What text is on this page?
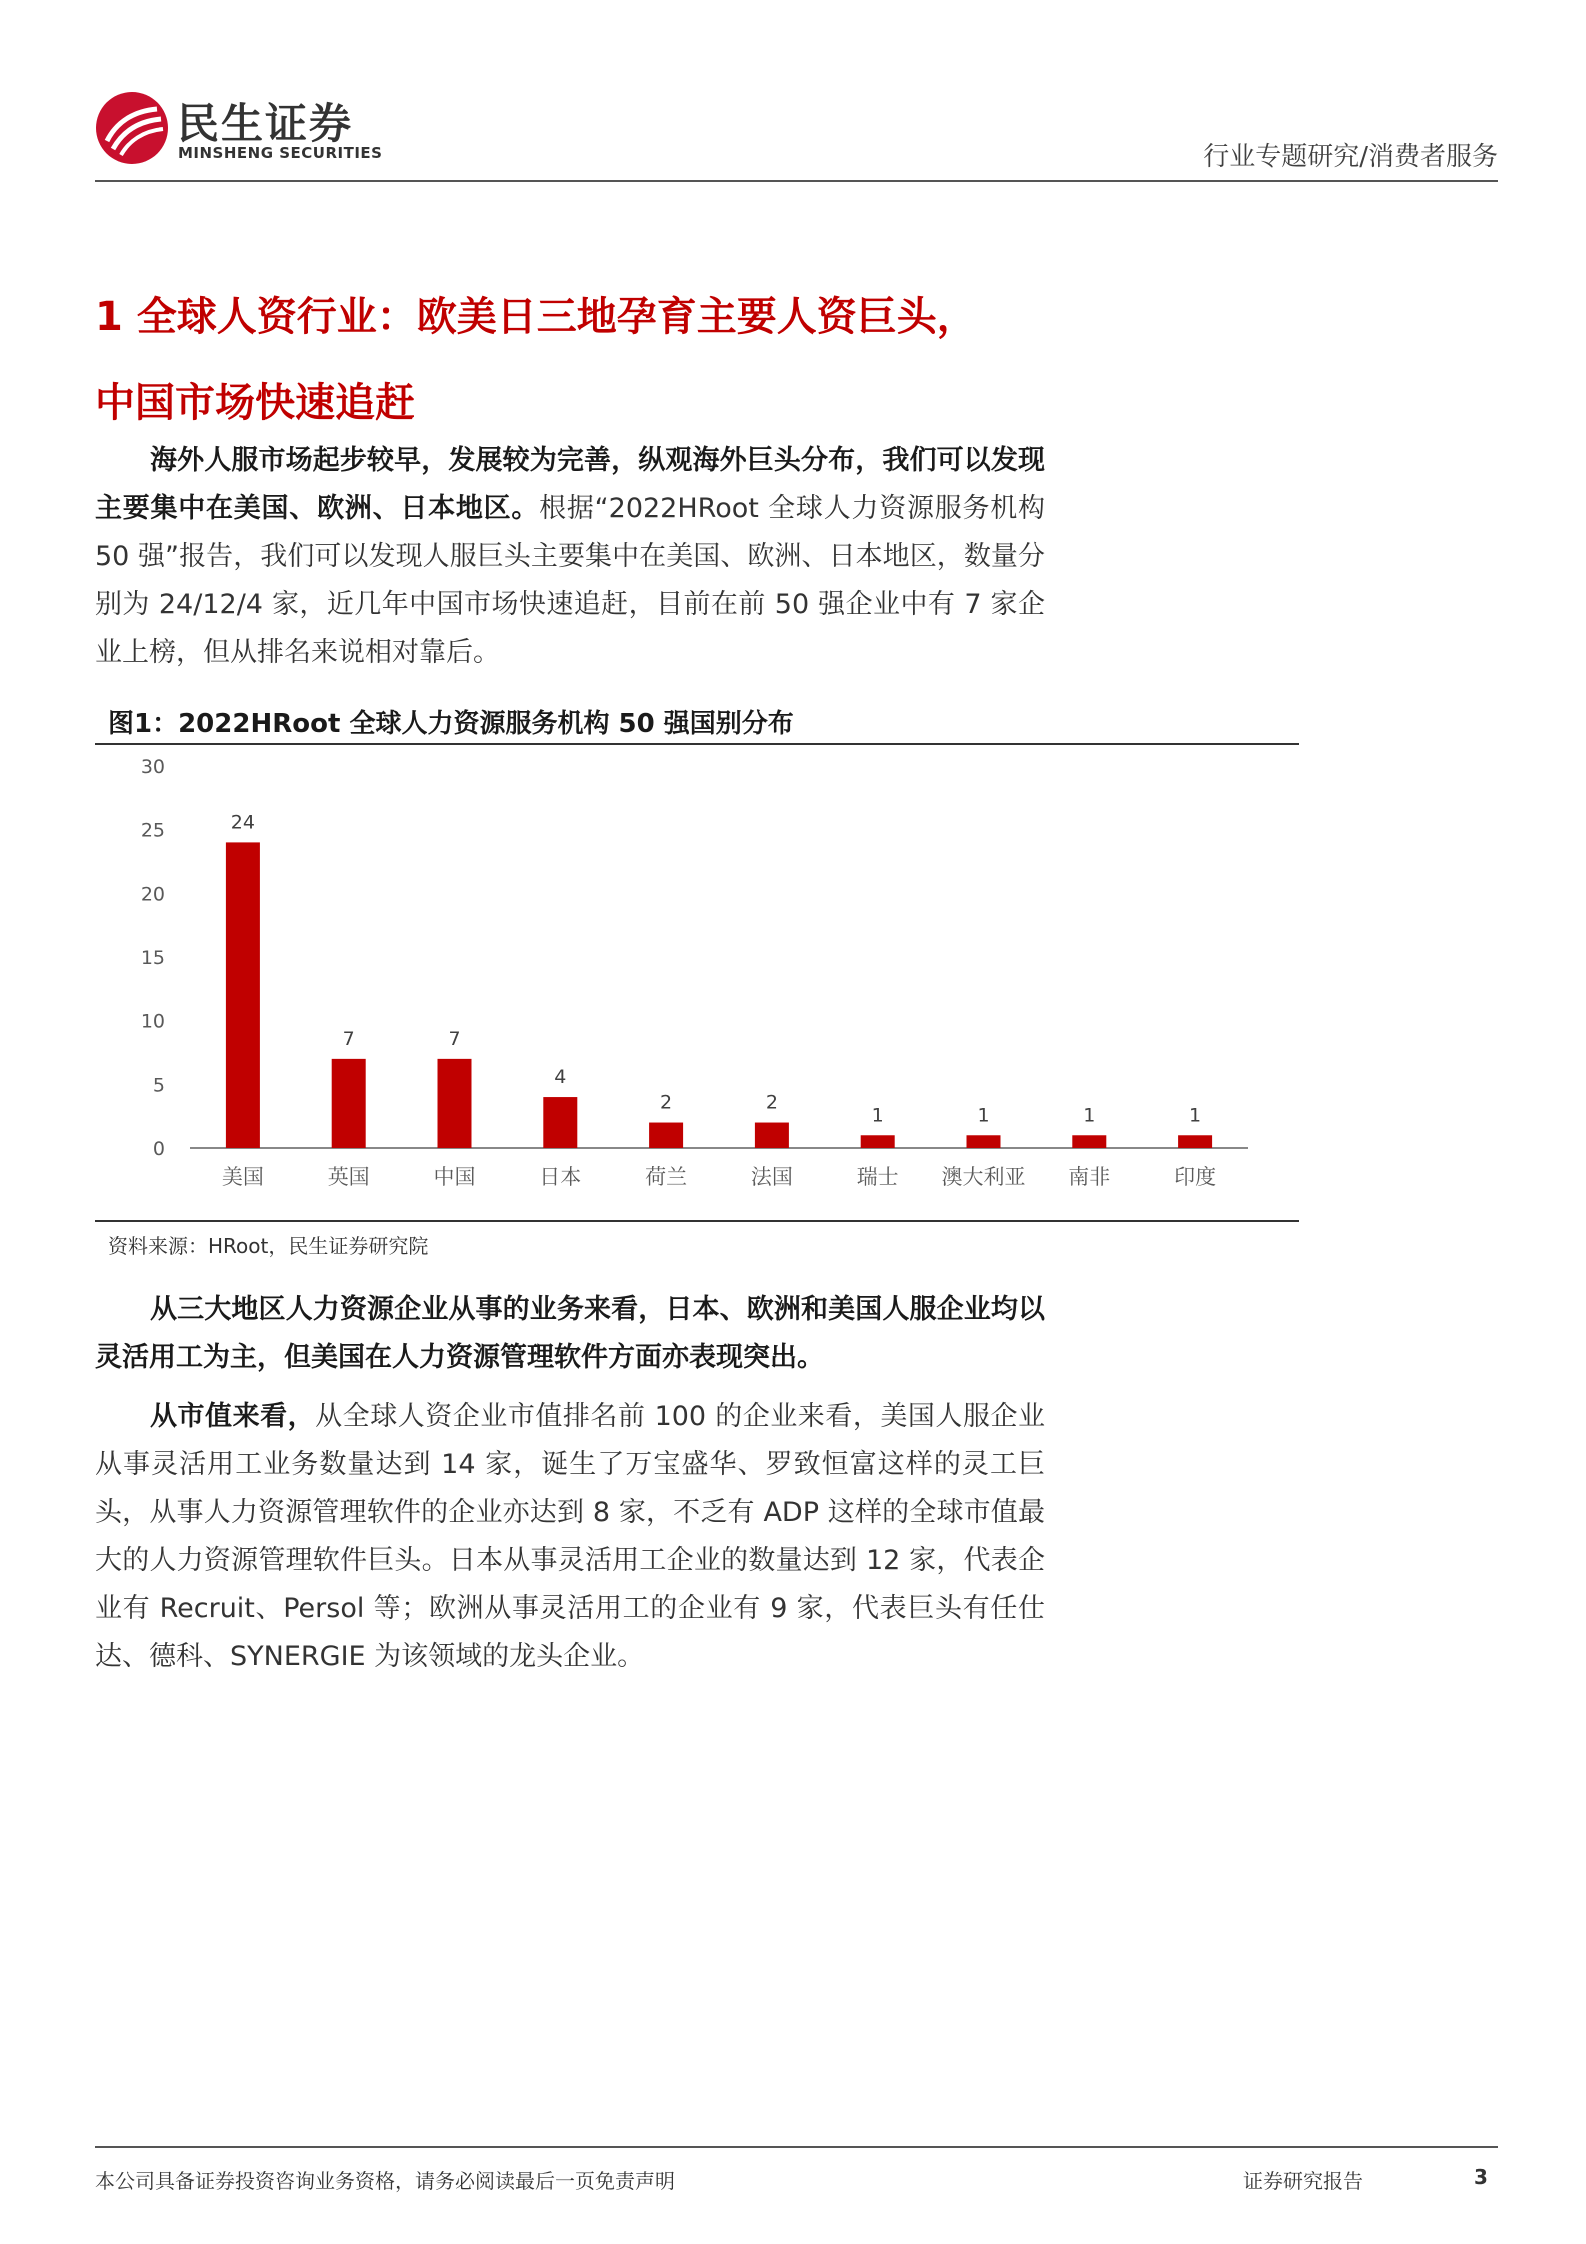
民生证券
MINSHENG SECURITIES	行业专题研究/消费者服务
1 全球人资行业：欧美日三地孕育主要人资巨头，
中国市场快速追赶

海外人服市场起步较早，发展较为完善，纵观海外巨头分布，我们可以发现主要集中在美国、欧洲、日本地区。根据“2022HRoot 全球人力资源服务机构 50 强”报告，我们可以发现人服巨头主要集中在美国、欧洲、日本地区，数量分别为 24/12/4 家，近几年中国市场快速追赶，目前在前 50 强企业中有 7 家企业上榜，但从排名来说相对靠后。

图1：2022HRoot 全球人力资源服务机构 50 强国别分布
0
5
10
15
20
25
30
24
美国
7
英国
7
中国
4
日本
2
荷兰
2
法国
1
瑞士
1
澳大利亚
1
南非
1
印度
资料来源：HRoot，民生证券研究院

从三大地区人力资源企业从事的业务来看，日本、欧洲和美国人服企业均以灵活用工为主，但美国在人力资源管理软件方面亦表现突出。

从市值来看，从全球人资企业市值排名前 100 的企业来看，美国人服企业从事灵活用工业务数量达到 14 家，诞生了万宝盛华、罗致恒富这样的灵工巨头，从事人力资源管理软件的企业亦达到 8 家，不乏有 ADP 这样的全球市值最大的人力资源管理软件巨头。日本从事灵活用工企业的数量达到 12 家，代表企业有 Recruit、Persol 等；欧洲从事灵活用工的企业有 9 家，代表巨头有任仕达、德科、SYNERGIE 为该领域的龙头企业。

本公司具备证券投资咨询业务资格，请务必阅读最后一页免责声明	证券研究报告	3
